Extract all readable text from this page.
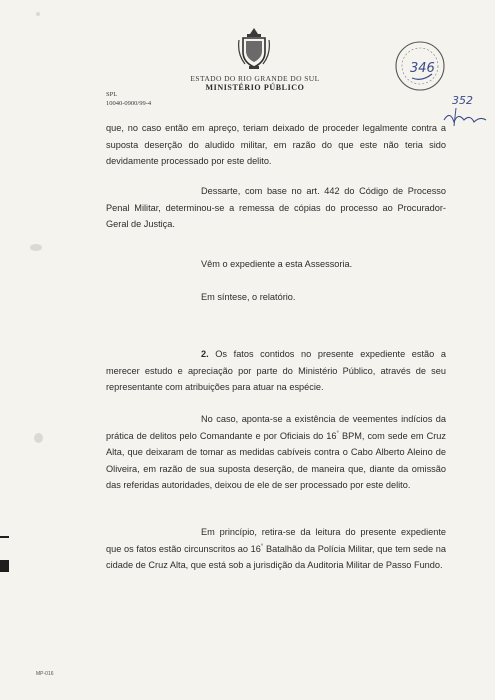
ESTADO DO RIO GRANDE DO SUL
MINISTÉRIO PÚBLICO
SPL
10040-0900/99-4
346
352

que, no caso então em apreço, teriam deixado de proceder legalmente contra a suposta deserção do aludido militar, em razão do que este não teria sido devidamente processado por este delito.

Dessarte, com base no art. 442 do Código de Processo Penal Militar, determinou-se a remessa de cópias do processo ao Procurador-Geral de Justiça.

Vêm o expediente a esta Assessoria.

Em síntese, o relatório.

2. Os fatos contidos no presente expediente estão a merecer estudo e apreciação por parte do Ministério Público, através de seu representante com atribuições para atuar na espécie.

No caso, aponta-se a existência de veementes indícios da prática de delitos pelo Comandante e por Oficiais do 16° BPM, com sede em Cruz Alta, que deixaram de tomar as medidas cabíveis contra o Cabo Alberto Aleino de Oliveira, em razão de sua suposta deserção, de maneira que, diante da omissão das referidas autoridades, deixou de ele de ser processado por este delito.

Em princípio, retira-se da leitura do presente expediente que os fatos estão circunscritos ao 16° Batalhão da Polícia Militar, que tem sede na cidade de Cruz Alta, que está sob a jurisdição da Auditoria Militar de Passo Fundo.

MP-016
